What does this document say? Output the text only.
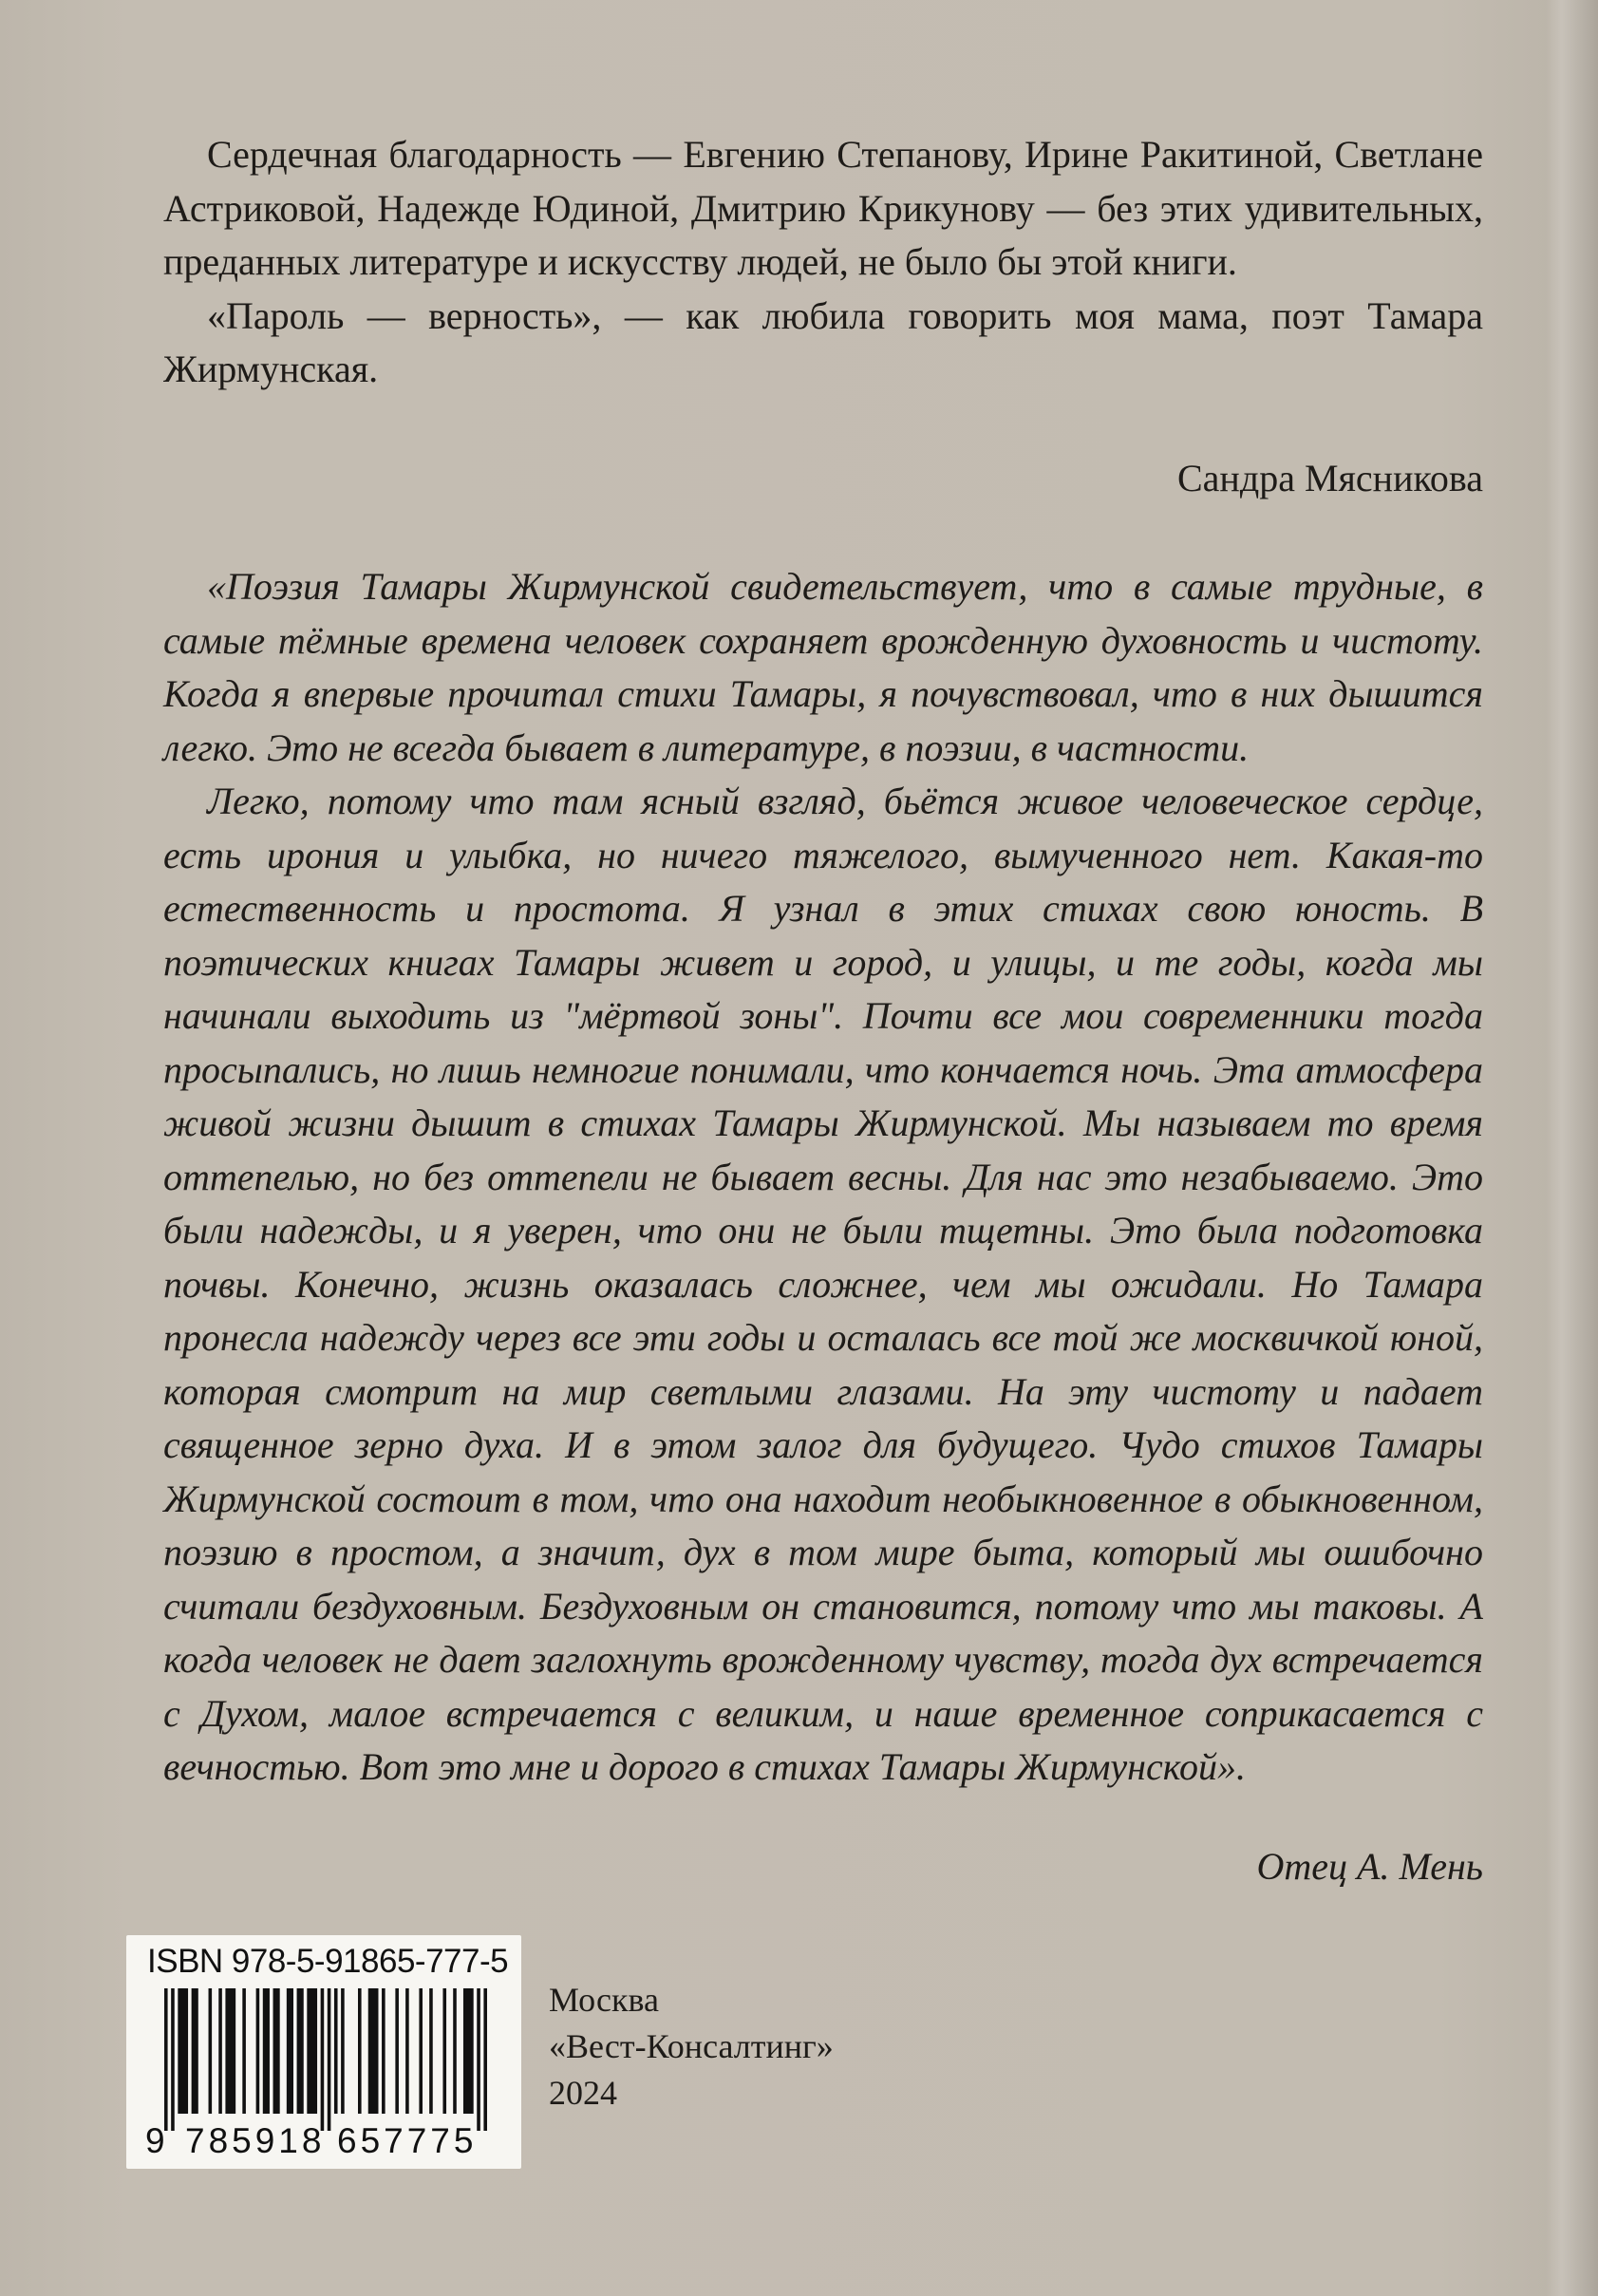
Сердечная благодарность — Евгению Степанову, Ирине Ракитиной, Светлане Астриковой, Надежде Юдиной, Дмитрию Крикунову — без этих удивительных, преданных литературе и искусству людей, не было бы этой книги.

«Пароль — верность», — как любила говорить моя мама, поэт Тамара Жирмунская.

Сандра Мясникова

«Поэзия Тамары Жирмунской свидетельствует, что в самые трудные, в самые тёмные времена человек сохраняет врожденную духовность и чистоту. Когда я впервые прочитал стихи Тамары, я почувствовал, что в них дышится легко. Это не всегда бывает в литературе, в поэзии, в частности.

Легко, потому что там ясный взгляд, бьётся живое человеческое сердце, есть ирония и улыбка, но ничего тяжелого, вымученного нет. Какая-то естественность и простота. Я узнал в этих стихах свою юность. В поэтических книгах Тамары живет и город, и улицы, и те годы, когда мы начинали выходить из "мёртвой зоны". Почти все мои современники тогда просыпались, но лишь немногие понимали, что кончается ночь. Эта атмосфера живой жизни дышит в стихах Тамары Жирмунской. Мы называем то время оттепелью, но без оттепели не бывает весны. Для нас это незабываемо. Это были надежды, и я уверен, что они не были тщетны. Это была подготовка почвы. Конечно, жизнь оказалась сложнее, чем мы ожидали. Но Тамара пронесла надежду через все эти годы и осталась все той же москвичкой юной, которая смотрит на мир светлыми глазами. На эту чистоту и падает священное зерно духа. И в этом залог для будущего. Чудо стихов Тамары Жирмунской состоит в том, что она находит необыкновенное в обыкновенном, поэзию в простом, а значит, дух в том мире быта, который мы ошибочно считали бездуховным. Бездуховным он становится, потому что мы таковы. А когда человек не дает заглохнуть врожденному чувству, тогда дух встречается с Духом, малое встречается с великим, и наше временное соприкасается с вечностью. Вот это мне и дорого в стихах Тамары Жирмунской».

Отец А. Мень
ISBN 978-5-91865-777-5
9 785918 657775
Москва
«Вест-Консалтинг»
2024
